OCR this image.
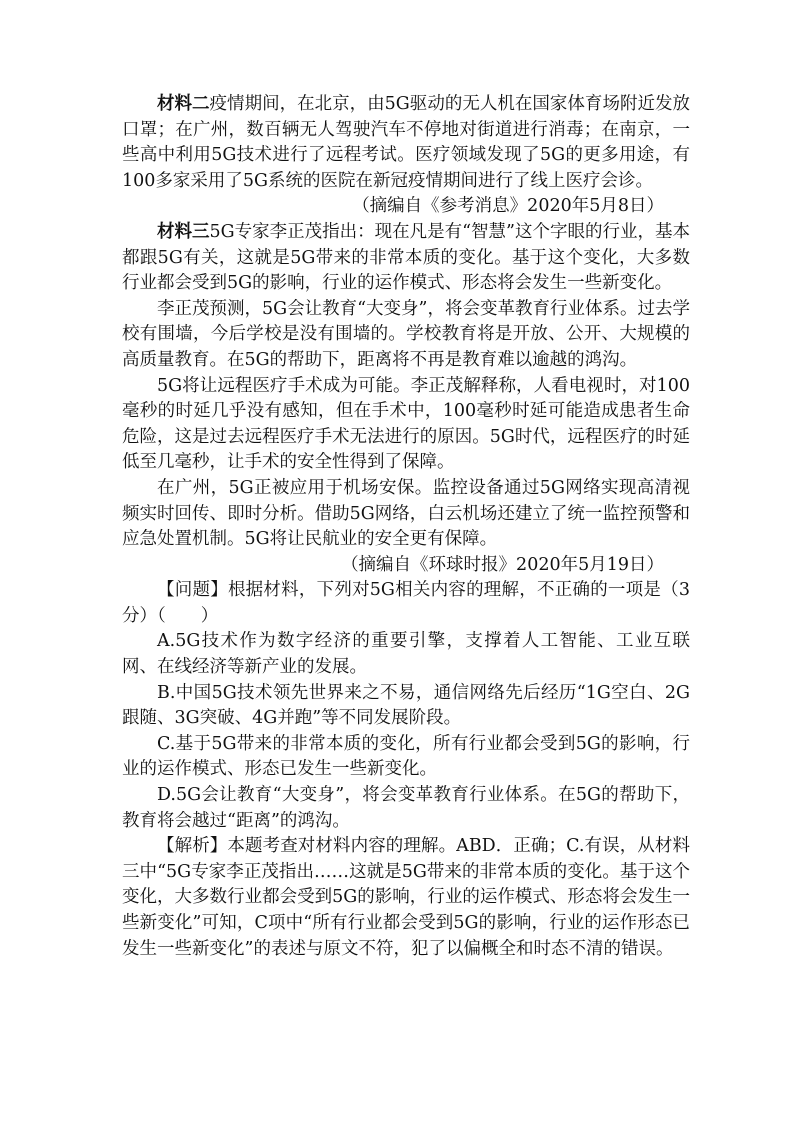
材料二疫情期间，在北京，由5G驱动的无人机在国家体育场附近发放口罩；在广州，数百辆无人驾驶汽车不停地对街道进行消毒；在南京，一些高中利用5G技术进行了远程考试。医疗领域发现了5G的更多用途，有100多家采用了5G系统的医院在新冠疫情期间进行了线上医疗会诊。

（摘编自《参考消息》2020年5月8日）

材料三5G专家李正茂指出：现在凡是有“智慧”这个字眼的行业，基本都跟5G有关，这就是5G带来的非常本质的变化。基于这个变化，大多数行业都会受到5G的影响，行业的运作模式、形态将会发生一些新变化。

李正茂预测，5G会让教育“大变身”，将会变革教育行业体系。过去学校有围墙，今后学校是没有围墙的。学校教育将是开放、公开、大规模的高质量教育。在5G的帮助下，距离将不再是教育难以逾越的鸿沟。

5G将让远程医疗手术成为可能。李正茂解释称，人看电视时，对100毫秒的时延几乎没有感知，但在手术中，100毫秒时延可能造成患者生命危险，这是过去远程医疗手术无法进行的原因。5G时代，远程医疗的时延低至几毫秒，让手术的安全性得到了保障。

在广州，5G正被应用于机场安保。监控设备通过5G网络实现高清视频实时回传、即时分析。借助5G网络，白云机场还建立了统一监控预警和应急处置机制。5G将让民航业的安全更有保障。

（摘编自《环球时报》2020年5月19日）

【问题】根据材料，下列对5G相关内容的理解，不正确的一项是（3分）（　　）

A.5G技术作为数字经济的重要引擎，支撑着人工智能、工业互联网、在线经济等新产业的发展。

B.中国5G技术领先世界来之不易，通信网络先后经历“1G空白、2G跟随、3G突破、4G并跑”等不同发展阶段。

C.基于5G带来的非常本质的变化，所有行业都会受到5G的影响，行业的运作模式、形态已发生一些新变化。

D.5G会让教育“大变身”，将会变革教育行业体系。在5G的帮助下，教育将会越过“距离”的鸿沟。

【解析】本题考查对材料内容的理解。ABD．正确；C.有误，从材料三中“5G专家李正茂指出……这就是5G带来的非常本质的变化。基于这个变化，大多数行业都会受到5G的影响，行业的运作模式、形态将会发生一些新变化”可知，C项中“所有行业都会受到5G的影响，行业的运作形态已发生一些新变化”的表述与原文不符，犯了以偏概全和时态不清的错误。
